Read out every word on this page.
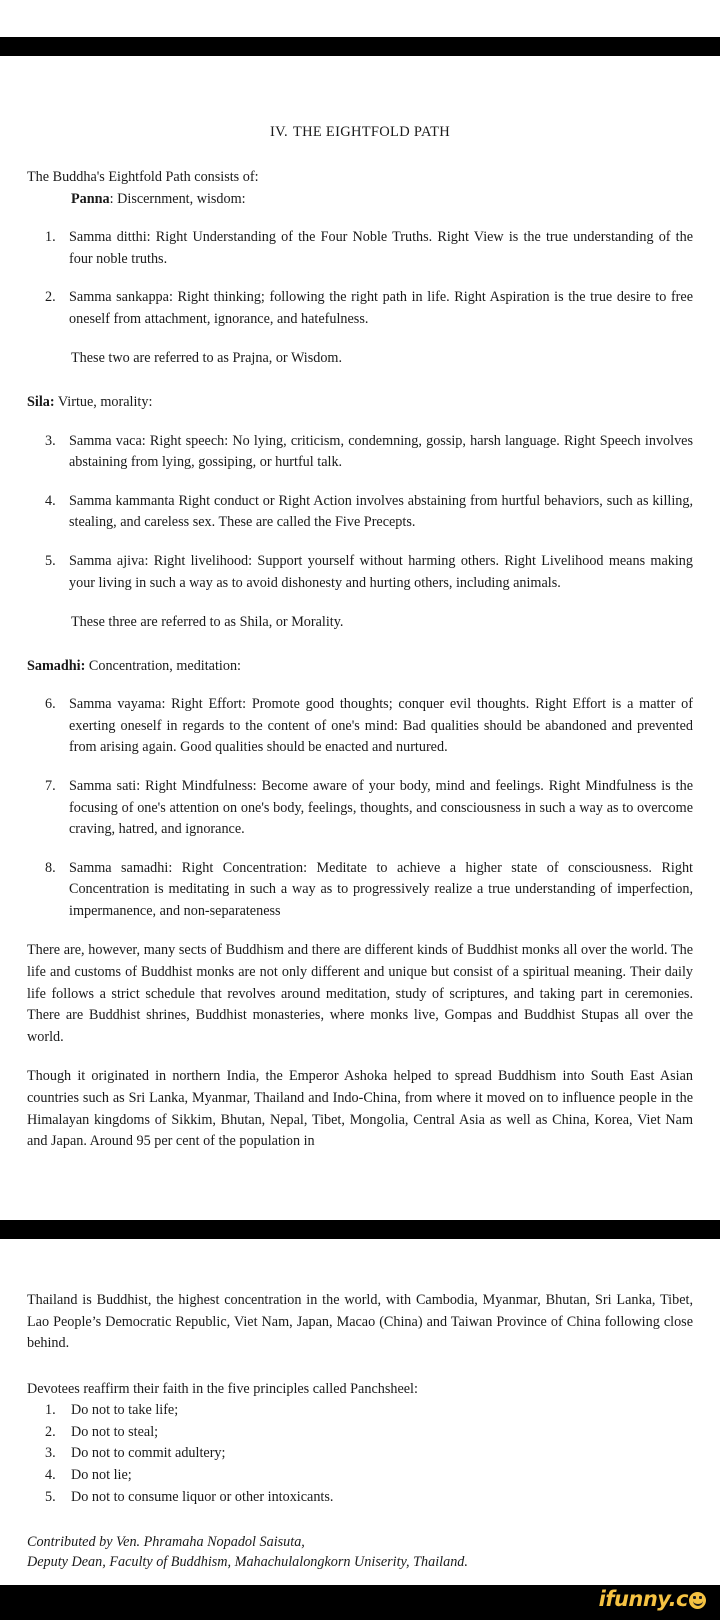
IV. THE EIGHTFOLD PATH

The Buddha's Eightfold Path consists of:

Panna: Discernment, wisdom:

1. Samma ditthi: Right Understanding of the Four Noble Truths. Right View is the true understanding of the four noble truths.
2. Samma sankappa: Right thinking; following the right path in life. Right Aspiration is the true desire to free oneself from attachment, ignorance, and hatefulness.

These two are referred to as Prajna, or Wisdom.

Sila: Virtue, morality:

3. Samma vaca: Right speech: No lying, criticism, condemning, gossip, harsh language. Right Speech involves abstaining from lying, gossiping, or hurtful talk.
4. Samma kammanta Right conduct or Right Action involves abstaining from hurtful behaviors, such as killing, stealing, and careless sex. These are called the Five Precepts.
5. Samma ajiva: Right livelihood: Support yourself without harming others. Right Livelihood means making your living in such a way as to avoid dishonesty and hurting others, including animals.

These three are referred to as Shila, or Morality.

Samadhi: Concentration, meditation:

6. Samma vayama: Right Effort: Promote good thoughts; conquer evil thoughts. Right Effort is a matter of exerting oneself in regards to the content of one's mind: Bad qualities should be abandoned and prevented from arising again. Good qualities should be enacted and nurtured.
7. Samma sati: Right Mindfulness: Become aware of your body, mind and feelings. Right Mindfulness is the focusing of one's attention on one's body, feelings, thoughts, and consciousness in such a way as to overcome craving, hatred, and ignorance.
8. Samma samadhi: Right Concentration: Meditate to achieve a higher state of consciousness. Right Concentration is meditating in such a way as to progressively realize a true understanding of imperfection, impermanence, and non-separateness

There are, however, many sects of Buddhism and there are different kinds of Buddhist monks all over the world. The life and customs of Buddhist monks are not only different and unique but consist of a spiritual meaning. Their daily life follows a strict schedule that revolves around meditation, study of scriptures, and taking part in ceremonies. There are Buddhist shrines, Buddhist monasteries, where monks live, Gompas and Buddhist Stupas all over the world.

Though it originated in northern India, the Emperor Ashoka helped to spread Buddhism into South East Asian countries such as Sri Lanka, Myanmar, Thailand and Indo-China, from where it moved on to influence people in the Himalayan kingdoms of Sikkim, Bhutan, Nepal, Tibet, Mongolia, Central Asia as well as China, Korea, Viet Nam and Japan. Around 95 per cent of the population in

Thailand is Buddhist, the highest concentration in the world, with Cambodia, Myanmar, Bhutan, Sri Lanka, Tibet, Lao People’s Democratic Republic, Viet Nam, Japan, Macao (China) and Taiwan Province of China following close behind.

Devotees reaffirm their faith in the five principles called Panchsheel:

1.	Do not to take life;
2.	Do not to steal;
3.	Do not to commit adultery;
4.	Do not lie;
5.	Do not to consume liquor or other intoxicants.
Contributed by Ven. Phramaha Nopadol Saisuta,
Deputy Dean, Faculty of Buddhism, Mahachulalongkorn Uniserity, Thailand.
ifunny.c
